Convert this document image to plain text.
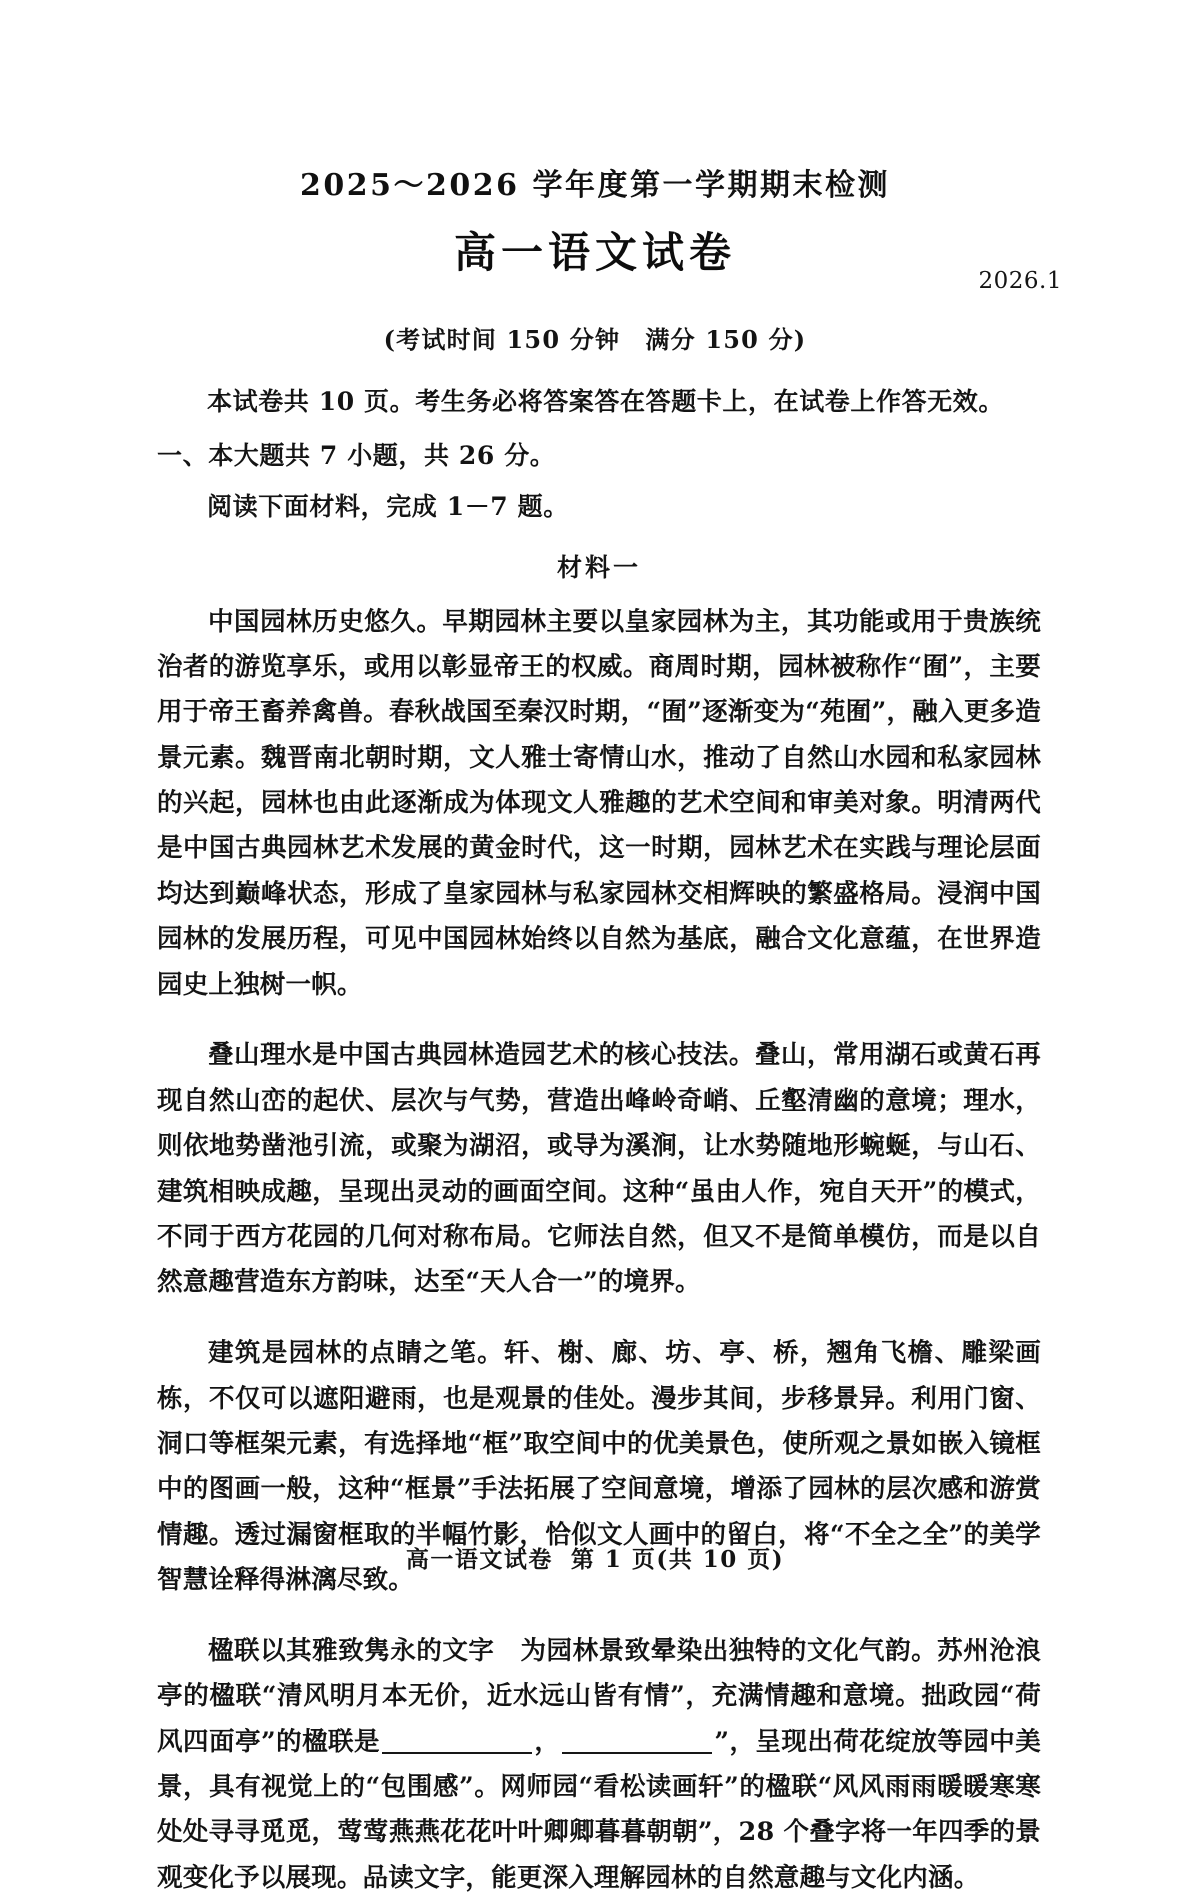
2025～2026 学年度第一学期期末检测
高一语文试卷
2026.1
(考试时间 150 分钟　满分 150 分)
本试卷共 10 页。考生务必将答案答在答题卡上，在试卷上作答无效。
一、本大题共 7 小题，共 26 分。
阅读下面材料，完成 1－7 题。
材料一

中国园林历史悠久。早期园林主要以皇家园林为主，其功能或用于贵族统治者的游览享乐，或用以彰显帝王的权威。商周时期，园林被称作“囿”，主要用于帝王畜养禽兽。春秋战国至秦汉时期，“囿”逐渐变为“苑囿”，融入更多造景元素。魏晋南北朝时期，文人雅士寄情山水，推动了自然山水园和私家园林的兴起，园林也由此逐渐成为体现文人雅趣的艺术空间和审美对象。明清两代是中国古典园林艺术发展的黄金时代，这一时期，园林艺术在实践与理论层面均达到巅峰状态，形成了皇家园林与私家园林交相辉映的繁盛格局。浸润中国园林的发展历程，可见中国园林始终以自然为基底，融合文化意蕴，在世界造园史上独树一帜。

叠山理水是中国古典园林造园艺术的核心技法。叠山，常用湖石或黄石再现自然山峦的起伏、层次与气势，营造出峰岭奇峭、丘壑清幽的意境；理水，则依地势凿池引流，或聚为湖沼，或导为溪涧，让水势随地形蜿蜒，与山石、建筑相映成趣，呈现出灵动的画面空间。这种“虽由人作，宛自天开”的模式，不同于西方花园的几何对称布局。它师法自然，但又不是简单模仿，而是以自然意趣营造东方韵味，达至“天人合一”的境界。

建筑是园林的点睛之笔。轩、榭、廊、坊、亭、桥，翘角飞檐、雕梁画栋，不仅可以遮阳避雨，也是观景的佳处。漫步其间，步移景异。利用门窗、洞口等框架元素，有选择地“框”取空间中的优美景色，使所观之景如嵌入镜框中的图画一般，这种“框景”手法拓展了空间意境，增添了园林的层次感和游赏情趣。透过漏窗框取的半幅竹影，恰似文人画中的留白，将“不全之全”的美学智慧诠释得淋漓尽致。

楹联以其雅致隽永的文字　为园林景致晕染出独特的文化气韵。苏州沧浪亭的楹联“清风明月本无价，近水远山皆有情”，充满情趣和意境。拙政园“荷风四面亭”的楹联是	，	”，呈现出荷花绽放等园中美景，具有视觉上的“包围感”。网师园“看松读画轩”的楹联“风风雨雨暖暖寒寒处处寻寻觅觅，莺莺燕燕花花叶叶卿卿暮暮朝朝”，28 个叠字将一年四季的景观变化予以展现。品读文字，能更深入理解园林的自然意趣与文化内涵。

高一语文试卷 第 1 页(共 10 页)
